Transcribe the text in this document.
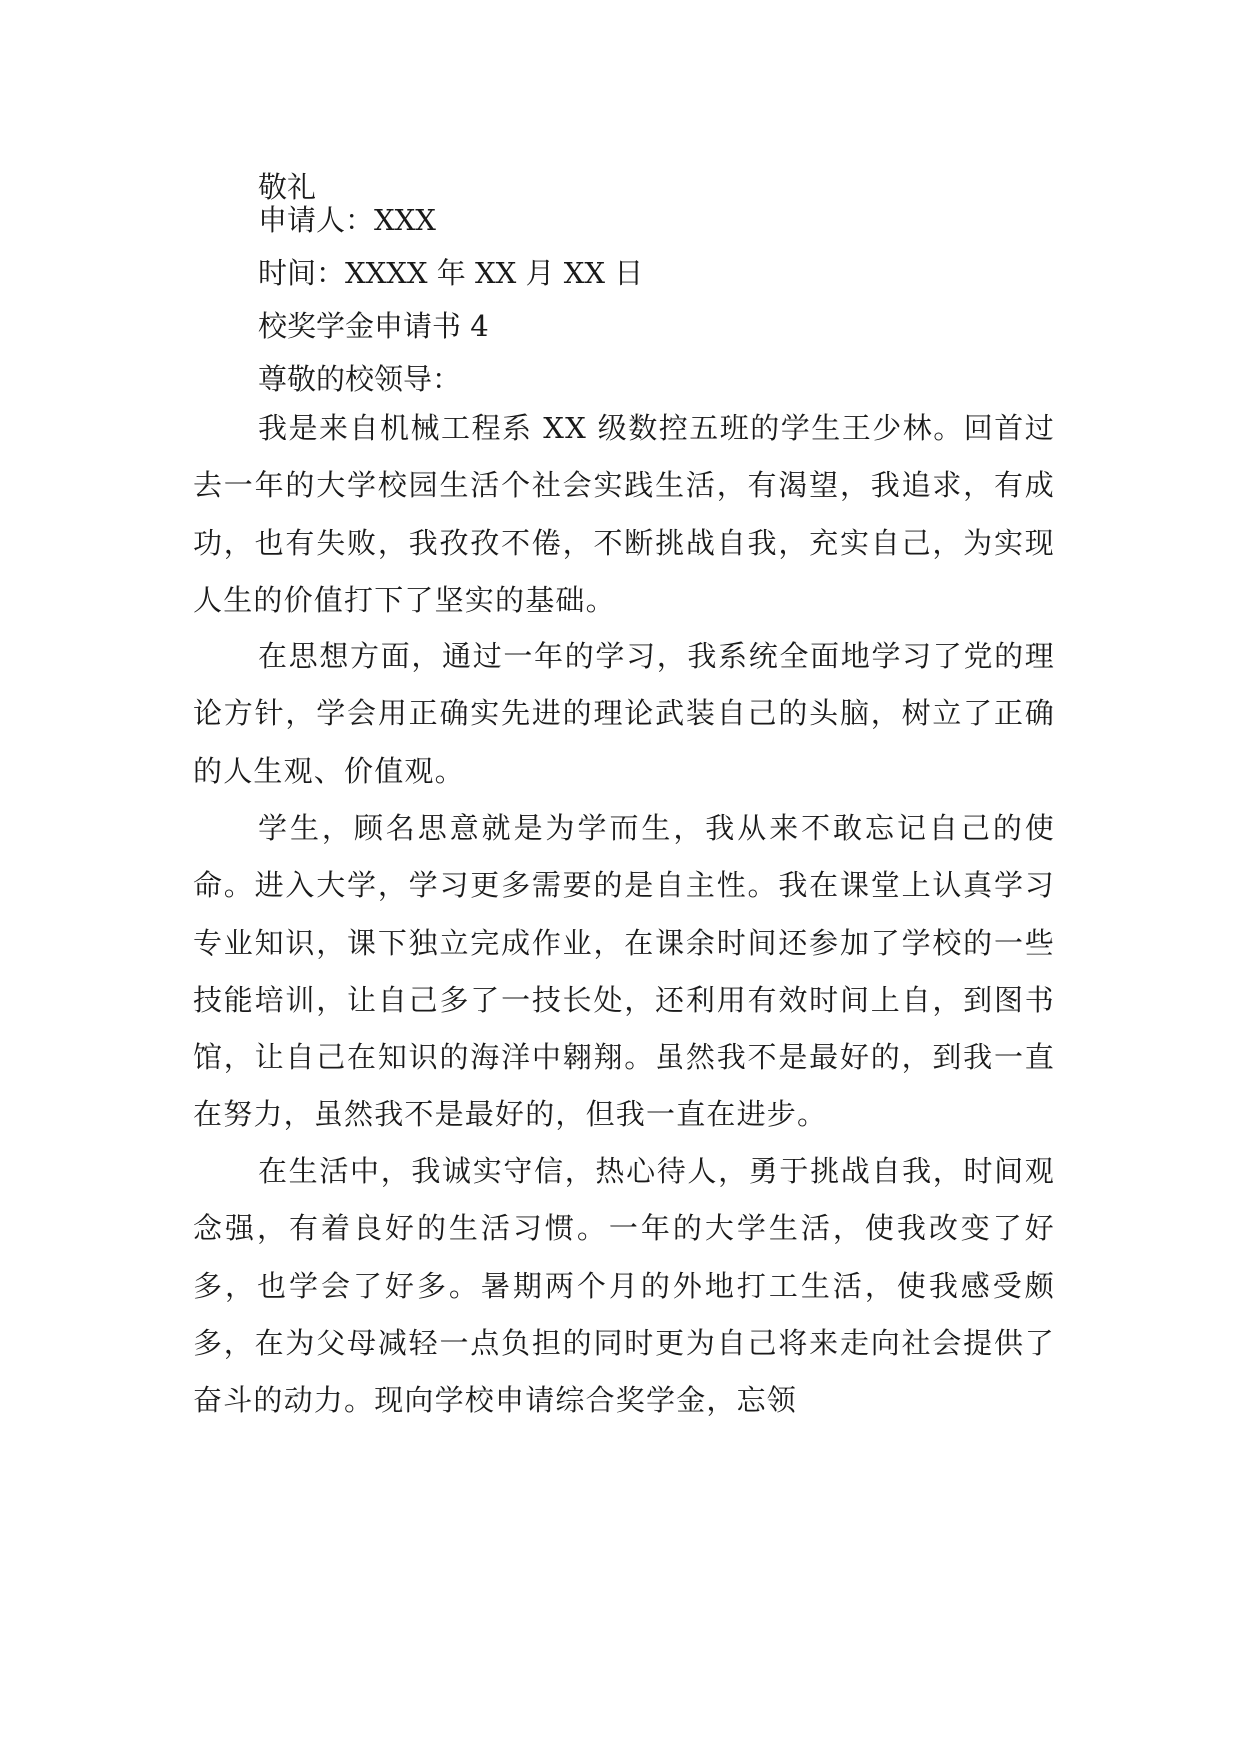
敬礼
申请人：XXX
时间：XXXX 年 XX 月 XX 日
校奖学金申请书 4
尊敬的校领导：

我是来自机械工程系 XX 级数控五班的学生王少林。回首过去一年的大学校园生活个社会实践生活，有渴望，我追求，有成功，也有失败，我孜孜不倦，不断挑战自我，充实自己，为实现人生的价值打下了坚实的基础。

在思想方面，通过一年的学习，我系统全面地学习了党的理论方针，学会用正确实先进的理论武装自己的头脑，树立了正确的人生观、价值观。

学生，顾名思意就是为学而生，我从来不敢忘记自己的使命。进入大学，学习更多需要的是自主性。我在课堂上认真学习专业知识，课下独立完成作业，在课余时间还参加了学校的一些技能培训，让自己多了一技长处，还利用有效时间上自，到图书馆，让自己在知识的海洋中翱翔。虽然我不是最好的，到我一直在努力，虽然我不是最好的，但我一直在进步。

在生活中，我诚实守信，热心待人，勇于挑战自我，时间观念强，有着良好的生活习惯。一年的大学生活，使我改变了好多，也学会了好多。暑期两个月的外地打工生活，使我感受颇多，在为父母减轻一点负担的同时更为自己将来走向社会提供了奋斗的动力。现向学校申请综合奖学金，忘领
